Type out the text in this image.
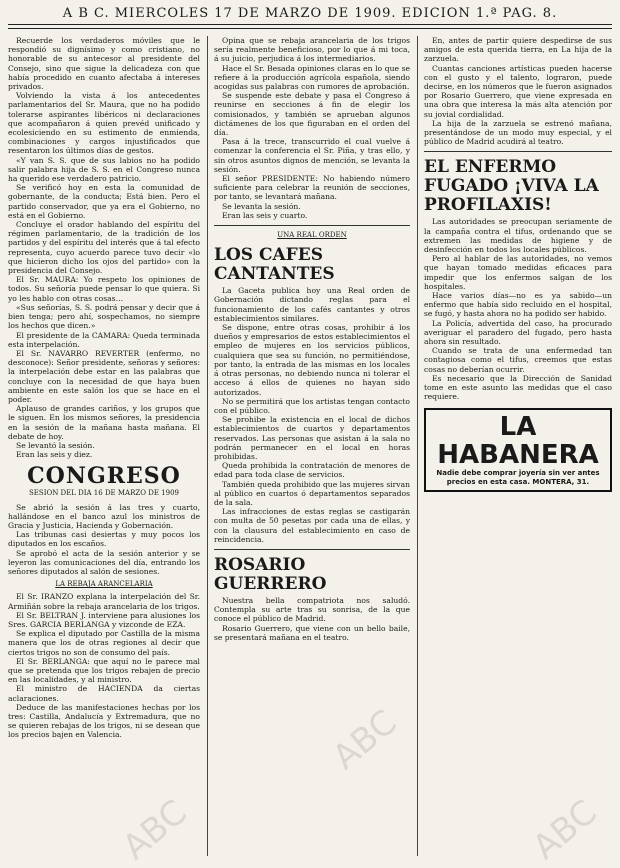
A B C. MIERCOLES 17 DE MARZO DE 1909. EDICION 1.ª PAG. 8.

Recuerde los verdaderos móviles que le respondió su dignísimo y como cristiano, no honorable de su antecesor al presidente del Consejo, sino que sigue la delicadeza con que había procedido en cuanto afectaba á intereses privados.

Volviendo la vista á los antecedentes parlamentarios del Sr. Maura, que no ha podido tolerarse aspirantes libéricos ni declaraciones que acompañaron á quien prevéd unificado y ecolesiciendo en su estimento de enmienda, combinaciones y cargos injustificados que resentaron los últimos días de gestos.

«Y van S. S. que de sus labios no ha podido salir palabra hija de S. S. en el Congreso nunca ha querido ese verdadero patricio.

Se verificó hoy en esta la comunidad de gobernante, de la conducta; Está bien. Pero el partido conservador, que ya era el Gobierno, no está en el Gobierno.

Concluye el orador hablando del espíritu del régimen parlamentario, de la tradición de los partidos y del espíritu del interés que á tal efecto representa, cuyo acuerdo parece tuvo decir «lo que hicieron dicho los ojos del partido» con la presidencia del Consejo.

El Sr. MAURA: Yo respeto los opiniones de todos. Su señoría puede pensar lo que quiera. Si yo les hablo con otras cosas…

«Sus señorías, S. S. podrá pensar y decir que á bien tenga; pero ahí, sospechamos, no siempre los hechos que dicen.»

El presidente de la CAMARA: Queda terminada esta interpelación.

El Sr. NAVARRO REVERTER (enfermo, no desconoce): Señor presidente, señoras y señores: la interpelación debe estar en las palabras que concluye con la necesidad de que haya buen ambiente en este salón los que se hace en el poder.

Aplauso de grandes cariños, y los grupos que le siguen. En los mismos señores, la presidencia en la sesión de la mañana hasta mañana. El debate de hoy.

Se levantó la sesión.

Eran las seis y diez.

CONGRESO
SESION DEL DIA 16 DE MARZO DE 1909

Se abrió la sesión á las tres y cuarto, hallándose en el banco azul los ministros de Gracia y Justicia, Hacienda y Gobernación.

Las tribunas casi desiertas y muy pocos los diputados en los escaños.

Se aprobó el acta de la sesión anterior y se leyeron las comunicaciones del día, entrando los señores diputados al salón de sesiones.

LA REBAJA ARANCELARIA

El Sr. IRANZO explana la interpelación del Sr. Armiñán sobre la rebaja arancelaria de los trigos.

El Sr. BELTRAN J. interviene para alusiones los Sres. GARCIA BERLANGA y vizconde de EZA.

Se explica el diputado por Castilla de la misma manera que los de otras regiones al decir que ciertos trigos no son de consumo del país.

El Sr. BERLANGA: que aquí no le parece mal que se pretenda que los trigos rebajen de precio en las localidades, y al ministro.

El ministro de HACIENDA da ciertas aclaraciones.

Deduce de las manifestaciones hechas por los tres: Castilla, Andalucía y Extremadura, que no se quieren rebajas de los trigos, ni se desean que los precios bajen en Valencia.

Opina que se rebaja arancelaria de los trigos sería realmente beneficioso, por lo que á mi toca, á su juicio, perjudica á los intermediarios.

Hace el Sr. Besada opiniones claras en lo que se refiere á la producción agrícola española, siendo acogidas sus palabras con rumores de aprobación.

Se suspende este debate y pasa el Congreso á reunirse en secciones á fin de elegir los comisionados, y también se aprueban algunos dictámenes de los que figuraban en el orden del día.

Pasa á la trece, transcurrido el cual vuelve á comenzar la conferencia el Sr. Piña, y tras ello, y sin otros asuntos dignos de mención, se levanta la sesión.

El señor PRESIDENTE: No habiendo número suficiente para celebrar la reunión de secciones, por tanto, se levantará mañana.

Se levanta la sesión.

Eran las seis y cuarto.

UNA REAL ORDEN
LOS CAFES CANTANTES

La Gaceta publica hoy una Real orden de Gobernación dictando reglas para el funcionamiento de los cafés cantantes y otros establecimientos similares.

Se dispone, entre otras cosas, prohibir á los dueños y empresarios de estos establecimientos el empleo de mujeres en los servicios públicos, cualquiera que sea su función, no permitiéndose, por tanto, la entrada de las mismas en los locales á otras personas, no debiendo nunca ni tolerar el acceso á ellos de quienes no hayan sido autorizados.

No se permitirá que los artistas tengan contacto con el público.

Se prohibe la existencia en el local de dichos establecimientos de cuartos y departamentos reservados. Las personas que asistan á la sala no podrán permanecer en el local en horas prohibidas.

Queda prohibida la contratación de menores de edad para toda clase de servicios.

También queda prohibido que las mujeres sirvan al público en cuartos ó departamentos separados de la sala.

Las infracciones de estas reglas se castigarán con multa de 50 pesetas por cada una de ellas, y con la clausura del establecimiento en caso de reincidencia.

ROSARIO GUERRERO

Nuestra bella compatriota nos saludó. Contempla su arte tras su sonrisa, de la que conoce el público de Madrid.

Rosario Guerrero, que viene con un bello baile, se presentará mañana en el teatro.

En, antes de partir quiere despedirse de sus amigos de esta querida tierra, en La hija de la zarzuela.

Cuantas canciones artísticas pueden hacerse con el gusto y el talento, lograron, puede decirse, en los números que le fueron asignados por Rosario Guerrero, que viene expresada en una obra que interesa la más alta atención por su jovial cordialidad.

La hija de la zarzuela se estrenó mañana, presentándose de un modo muy especial, y el público de Madrid acudirá al teatro.

EL ENFERMO FUGADO ¡VIVA LA PROFILAXIS!

Las autoridades se preocupan seriamente de la campaña contra el tifus, ordenando que se extremen las medidas de higiene y de desinfección en todos los locales públicos.

Pero al hablar de las autoridades, no vemos que hayan tomado medidas eficaces para impedir que los enfermos salgan de los hospitales.

Hace varios días—no es ya sabido—un enfermo que había sido recluido en el hospital, se fugó, y hasta ahora no ha podido ser habido.

La Policía, advertida del caso, ha procurado averiguar el paradero del fugado, pero hasta ahora sin resultado.

Cuando se trata de una enfermedad tan contagiosa como el tifus, creemos que estas cosas no deberían ocurrir.

Es necesario que la Dirección de Sanidad tome en este asunto las medidas que el caso requiere.

LA HABANERA
Nadie debe comprar joyería sin ver antes precios en esta casa. MONTERA, 31.
ABC
ABC
ABC
